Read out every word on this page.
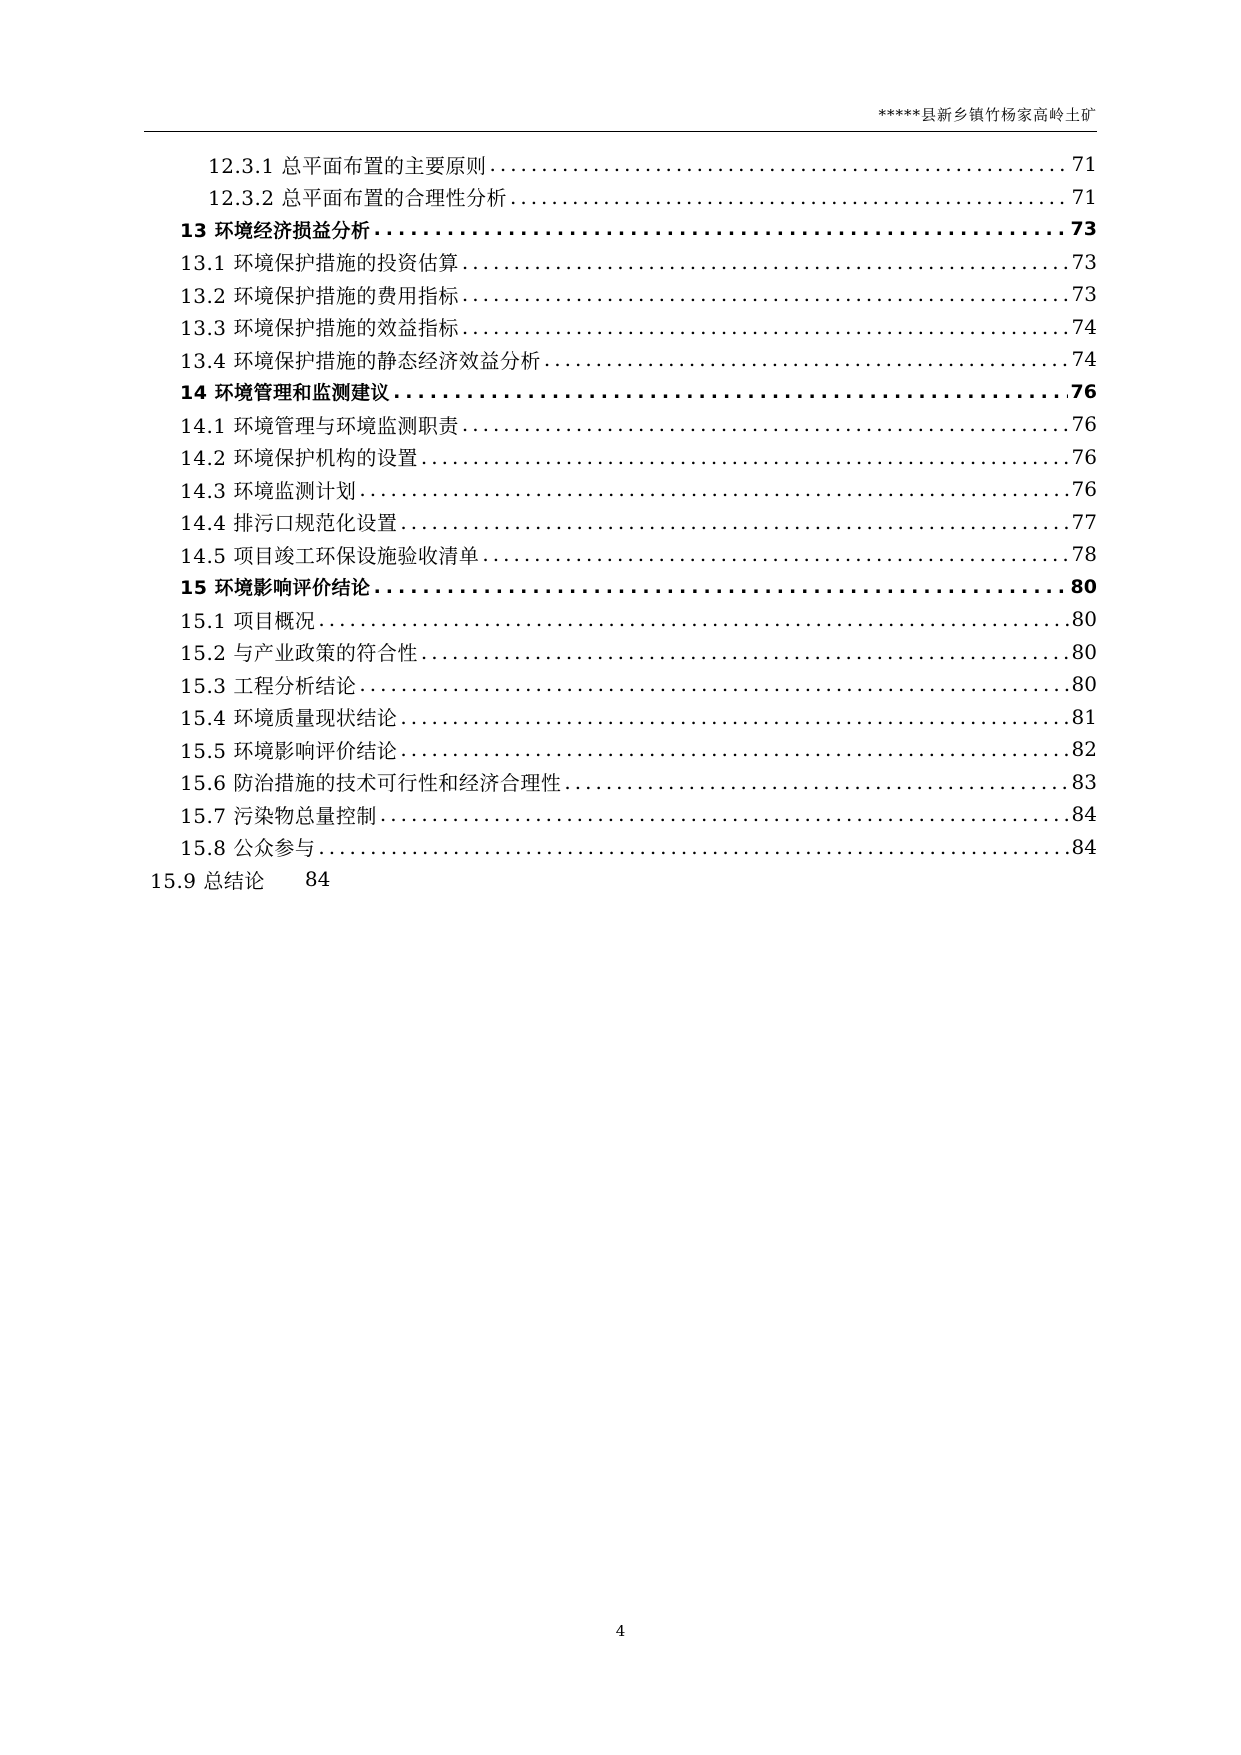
*****县新乡镇竹杨家高岭土矿
12.3.1 总平面布置的主要原则 .....	71
12.3.2 总平面布置的合理性分析 .....	71
13 环境经济损益分析 .....	73
13.1 环境保护措施的投资估算 .....	73
13.2 环境保护措施的费用指标 .....	73
13.3 环境保护措施的效益指标 .....	74
13.4 环境保护措施的静态经济效益分析 .....	74
14 环境管理和监测建议 .....	76
14.1 环境管理与环境监测职责 .....	76
14.2 环境保护机构的设置 .....	76
14.3 环境监测计划 .....	76
14.4 排污口规范化设置 .....	77
14.5 项目竣工环保设施验收清单 .....	78
15 环境影响评价结论 .....	80
15.1 项目概况 .....	80
15.2 与产业政策的符合性 .....	80
15.3 工程分析结论 .....	80
15.4 环境质量现状结论 .....	81
15.5 环境影响评价结论 .....	82
15.6 防治措施的技术可行性和经济合理性 .....	83
15.7 污染物总量控制 .....	84
15.8 公众参与 .....	84
15.9 总结论 84
4
